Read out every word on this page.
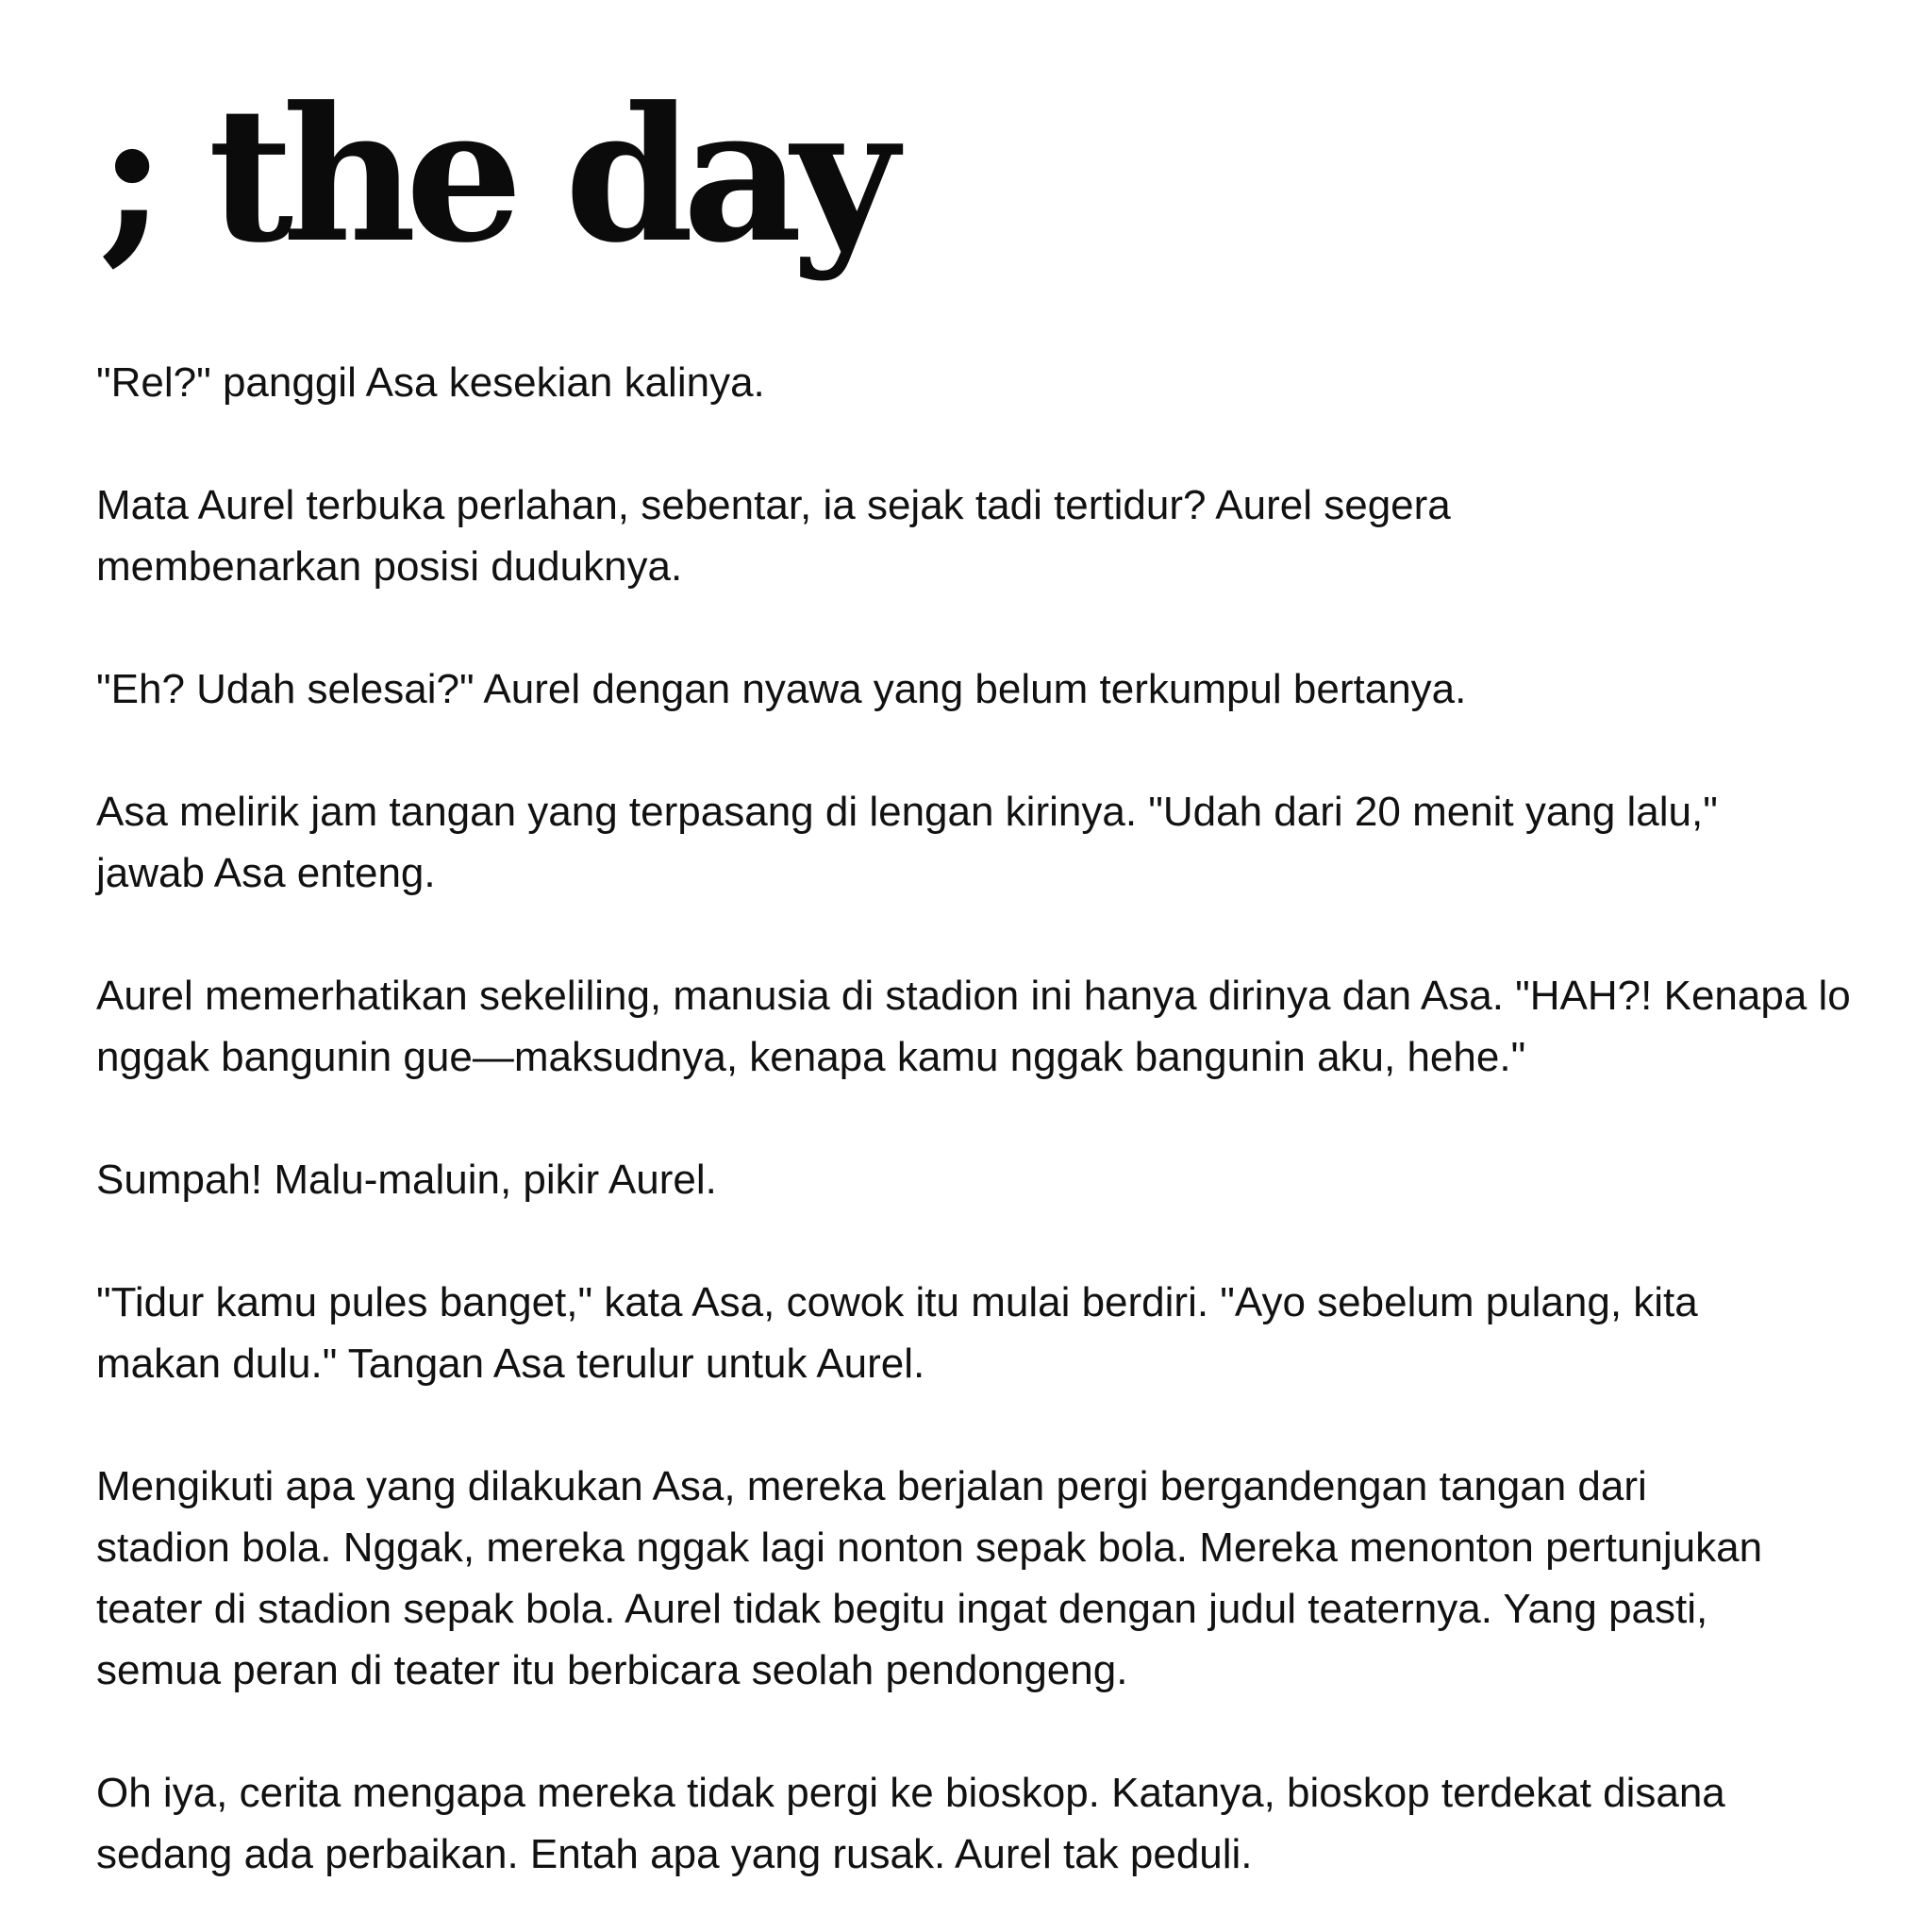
; the day

"Rel?" panggil Asa kesekian kalinya.

Mata Aurel terbuka perlahan, sebentar, ia sejak tadi tertidur? Aurel segera membenarkan posisi duduknya.

"Eh? Udah selesai?" Aurel dengan nyawa yang belum terkumpul bertanya.

Asa melirik jam tangan yang terpasang di lengan kirinya. "Udah dari 20 menit yang lalu," jawab Asa enteng.

Aurel memerhatikan sekeliling, manusia di stadion ini hanya dirinya dan Asa. "HAH?! Kenapa lo nggak bangunin gue—maksudnya, kenapa kamu nggak bangunin aku, hehe."

Sumpah! Malu-maluin, pikir Aurel.

"Tidur kamu pules banget," kata Asa, cowok itu mulai berdiri. "Ayo sebelum pulang, kita makan dulu." Tangan Asa terulur untuk Aurel.

Mengikuti apa yang dilakukan Asa, mereka berjalan pergi bergandengan tangan dari stadion bola. Nggak, mereka nggak lagi nonton sepak bola. Mereka menonton pertunjukan teater di stadion sepak bola. Aurel tidak begitu ingat dengan judul teaternya. Yang pasti, semua peran di teater itu berbicara seolah pendongeng.

Oh iya, cerita mengapa mereka tidak pergi ke bioskop. Katanya, bioskop terdekat disana sedang ada perbaikan. Entah apa yang rusak. Aurel tak peduli.
